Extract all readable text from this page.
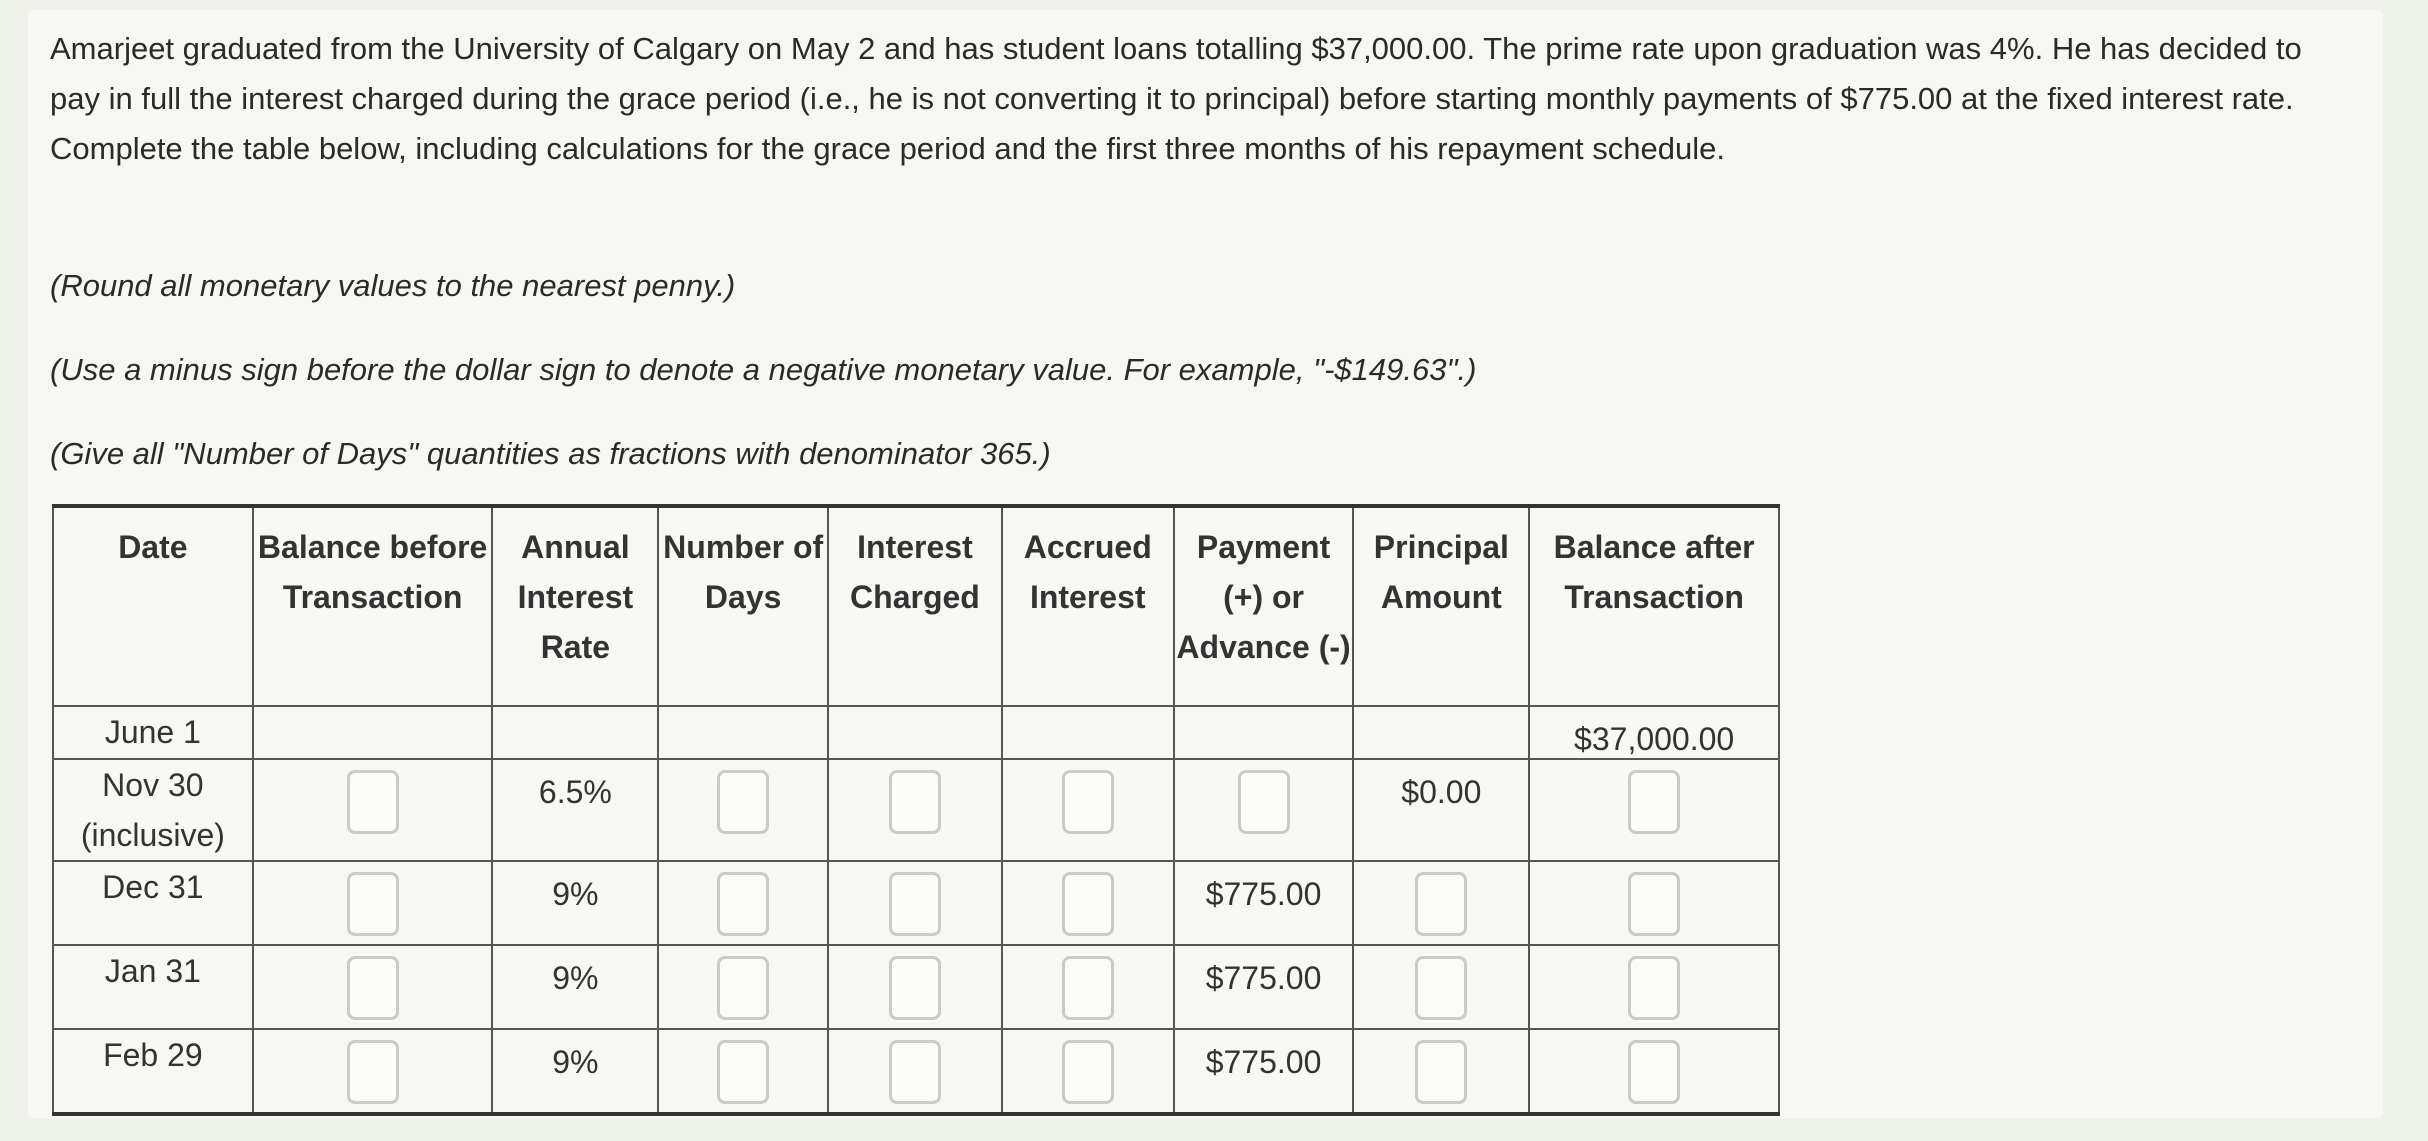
Amarjeet graduated from the University of Calgary on May 2 and has student loans totalling $37,000.00. The prime rate upon graduation was 4%. He has decided to pay in full the interest charged during the grace period (i.e., he is not converting it to principal) before starting monthly payments of $775.00 at the fixed interest rate. Complete the table below, including calculations for the grace period and the first three months of his repayment schedule.

(Round all monetary values to the nearest penny.)

(Use a minus sign before the dollar sign to denote a negative monetary value. For example, "-$149.63".)

(Give all "Number of Days" quantities as fractions with denominator 365.)

Date	Balance before Transaction	Annual Interest Rate	Number of Days	Interest Charged	Accrued Interest	Payment (+) or Advance (-)	Principal Amount	Balance after Transaction
June 1								$37,000.00

Nov 30 (inclusive)		6.5%					$0.00	

Dec 31		9%				$775.00		

Jan 31		9%				$775.00		

Feb 29		9%				$775.00		
